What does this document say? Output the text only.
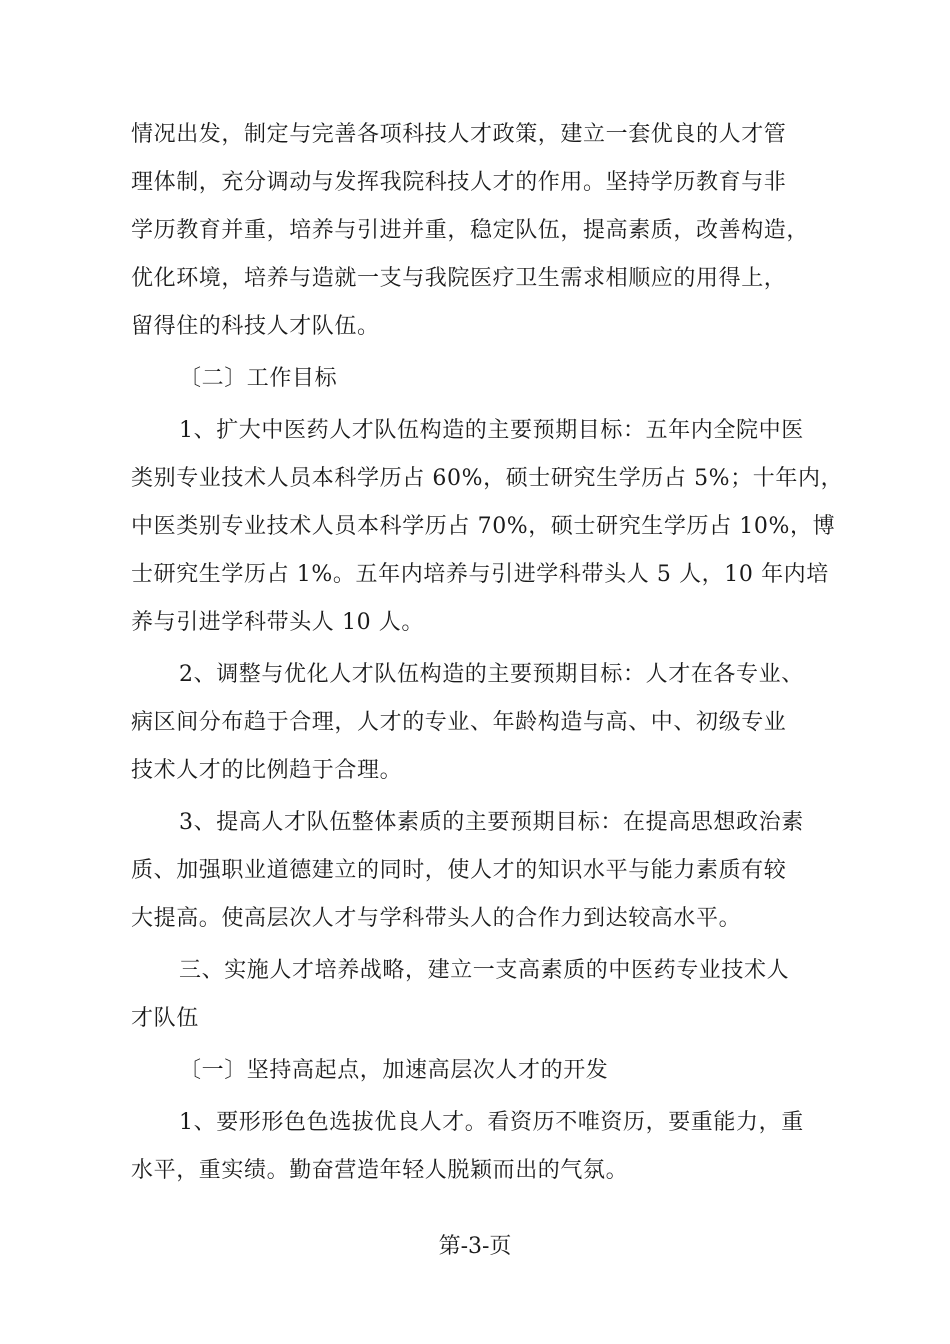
情况出发，制定与完善各项科技人才政策，建立一套优良的人才管
理体制，充分调动与发挥我院科技人才的作用。坚持学历教育与非
学历教育并重，培养与引进并重，稳定队伍，提高素质，改善构造，
优化环境，培养与造就一支与我院医疗卫生需求相顺应的用得上，
留得住的科技人才队伍。
〔二〕工作目标
1、扩大中医药人才队伍构造的主要预期目标：五年内全院中医
类别专业技术人员本科学历占 60%，硕士研究生学历占 5%；十年内，
中医类别专业技术人员本科学历占 70%，硕士研究生学历占 10%，博
士研究生学历占 1%。五年内培养与引进学科带头人 5 人，10 年内培
养与引进学科带头人 10 人。
2、调整与优化人才队伍构造的主要预期目标：人才在各专业、
病区间分布趋于合理，人才的专业、年龄构造与高、中、初级专业
技术人才的比例趋于合理。
3、提高人才队伍整体素质的主要预期目标：在提高思想政治素
质、加强职业道德建立的同时，使人才的知识水平与能力素质有较
大提高。使高层次人才与学科带头人的合作力到达较高水平。
三、实施人才培养战略，建立一支高素质的中医药专业技术人
才队伍
〔一〕坚持高起点，加速高层次人才的开发
1、要形形色色选拔优良人才。看资历不唯资历，要重能力，重
水平，重实绩。勤奋营造年轻人脱颖而出的气氛。
第-3-页
